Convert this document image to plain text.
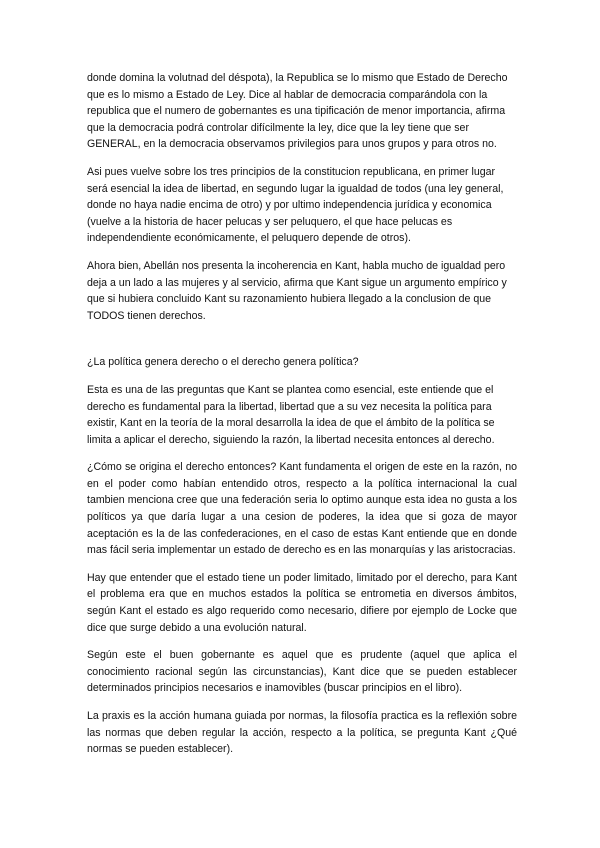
donde domina la volutnad del déspota), la Republica se lo mismo que Estado de Derecho que es lo mismo a Estado de Ley. Dice al hablar de democracia comparándola con la republica que el numero de gobernantes es una tipificación de menor importancia, afirma que la democracia podrá controlar difícilmente la ley, dice que la ley tiene que ser GENERAL, en la democracia observamos privilegios para unos grupos y para otros no.

Asi pues vuelve sobre los tres principios de la constitucion republicana, en primer lugar será esencial la idea de libertad, en segundo lugar la igualdad de todos (una ley general, donde no haya nadie encima de otro) y por ultimo independencia jurídica y economica (vuelve a la historia de hacer pelucas y ser peluquero, el que hace pelucas es independendiente económicamente, el peluquero depende de otros).

Ahora bien, Abellán nos presenta la incoherencia en Kant, habla mucho de igualdad pero deja a un lado a las mujeres y al servicio, afirma que Kant sigue un argumento empírico y que si hubiera concluido Kant su razonamiento hubiera llegado a la conclusion de que TODOS tienen derechos.

¿La política genera derecho o el derecho genera política?

Esta es una de las preguntas que Kant se plantea como esencial, este entiende que el derecho es fundamental para la libertad, libertad que a su vez necesita la política para existir, Kant en la teoría de la moral desarrolla la idea de que el ámbito de la política se limita a aplicar el derecho, siguiendo la razón, la libertad necesita entonces al derecho.

¿Cómo se origina el derecho entonces? Kant fundamenta el origen de este en la razón, no en el poder como habían entendido otros, respecto a la política internacional la cual tambien menciona cree que una federación seria lo optimo aunque esta idea no gusta a los políticos ya que daría lugar a una cesion de poderes, la idea que si goza de mayor aceptación es la de las confederaciones, en el caso de estas Kant entiende que en donde mas fácil seria implementar un estado de derecho es en las monarquías y las aristocracias.

Hay que entender que el estado tiene un poder limitado, limitado por el derecho, para Kant el problema era que en muchos estados la política se entrometia en diversos ámbitos, según Kant el estado es algo requerido como necesario, difiere por ejemplo de Locke que dice que surge debido a una evolución natural.

Según este el buen gobernante es aquel que es prudente (aquel que aplica el conocimiento racional según las circunstancias), Kant dice que se pueden establecer determinados principios necesarios e inamovibles (buscar principios en el libro).

La praxis es la acción humana guiada por normas, la filosofía practica es la reflexión sobre las normas que deben regular la acción, respecto a la política, se pregunta Kant ¿Qué normas se pueden establecer).
